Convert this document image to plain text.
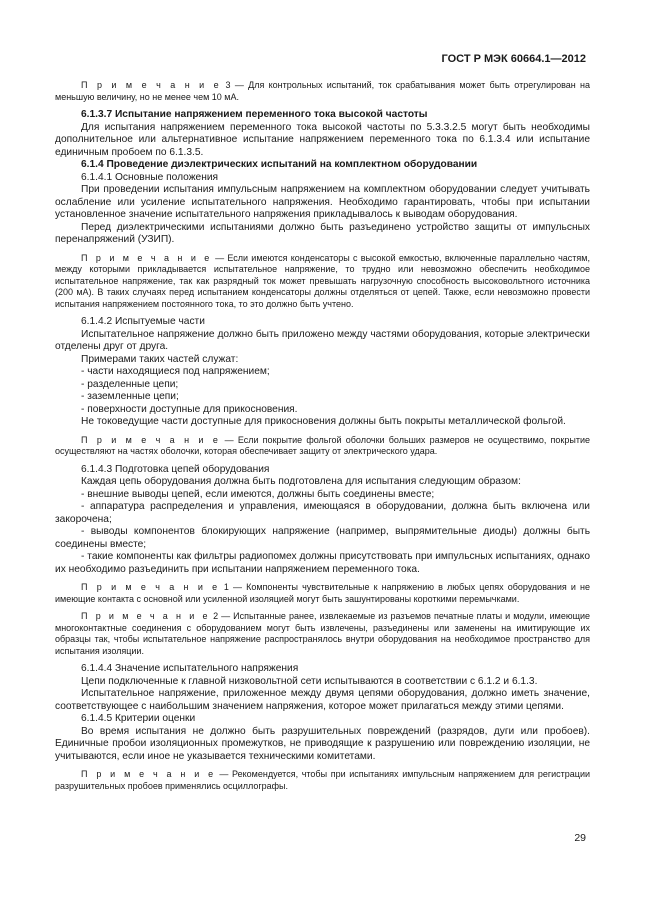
ГОСТ Р МЭК 60664.1—2012

П р и м е ч а н и е 3 — Для контрольных испытаний, ток срабатывания может быть отрегулирован на меньшую величину, но не менее чем 10 мА.

6.1.3.7 Испытание напряжением переменного тока высокой частоты

Для испытания напряжением переменного тока высокой частоты по 5.3.3.2.5 могут быть необходимы дополнительное или альтернативное испытание напряжением переменного тока по 6.1.3.4 или испытание единичным пробоем по 6.1.3.5.

6.1.4 Проведение диэлектрических испытаний на комплектном оборудовании

6.1.4.1 Основные положения

При проведении испытания импульсным напряжением на комплектном оборудовании следует учитывать ослабление или усиление испытательного напряжения. Необходимо гарантировать, чтобы при испытании установленное значение испытательного напряжения прикладывалось к выводам оборудования.

Перед диэлектрическими испытаниями должно быть разъединено устройство защиты от импульсных перенапряжений (УЗИП).

П р и м е ч а н и е — Если имеются конденсаторы с высокой емкостью, включенные параллельно частям, между которыми прикладывается испытательное напряжение, то трудно или невозможно обеспечить необходимое испытательное напряжение, так как разрядный ток может превышать нагрузочную способность высоковольтного источника (200 мА). В таких случаях перед испытанием конденсаторы должны отделяться от цепей. Также, если невозможно провести испытания напряжением постоянного тока, то это должно быть учтено.

6.1.4.2 Испытуемые части

Испытательное напряжение должно быть приложено между частями оборудования, которые электрически отделены друг от друга.

Примерами таких частей служат:

- части находящиеся под напряжением;

- разделенные цепи;

- заземленные цепи;

- поверхности доступные для прикосновения.

Не токоведущие части доступные для прикосновения должны быть покрыты металлической фольгой.

П р и м е ч а н и е — Если покрытие фольгой оболочки больших размеров не осуществимо, покрытие осуществляют на частях оболочки, которая обеспечивает защиту от электрического удара.

6.1.4.3 Подготовка цепей оборудования

Каждая цепь оборудования должна быть подготовлена для испытания следующим образом:

- внешние выводы цепей, если имеются, должны быть соединены вместе;

- аппаратура распределения и управления, имеющаяся в оборудовании, должна быть включена или закорочена;

- выводы компонентов блокирующих напряжение (например, выпрямительные диоды) должны быть соединены вместе;

- такие компоненты как фильтры радиопомех должны присутствовать при импульсных испытаниях, однако их необходимо разъединить при испытании напряжением переменного тока.

П р и м е ч а н и е 1 — Компоненты чувствительные к напряжению в любых цепях оборудования и не имеющие контакта с основной или усиленной изоляцией могут быть зашунтированы короткими перемычками.

П р и м е ч а н и е 2 — Испытанные ранее, извлекаемые из разъемов печатные платы и модули, имеющие многоконтактные соединения с оборудованием могут быть извлечены, разъединены или заменены на имитирующие их образцы так, чтобы испытательное напряжение распространялось внутри оборудования на необходимое пространство для испытания изоляции.

6.1.4.4 Значение испытательного напряжения

Цепи подключенные к главной низковольтной сети испытываются в соответствии с 6.1.2 и 6.1.3.

Испытательное напряжение, приложенное между двумя цепями оборудования, должно иметь значение, соответствующее с наибольшим значением напряжения, которое может прилагаться между этими цепями.

6.1.4.5 Критерии оценки

Во время испытания не должно быть разрушительных повреждений (разрядов, дуги или пробоев). Единичные пробои изоляционных промежутков, не приводящие к разрушению или повреждению изоляции, не учитываются, если иное не указывается техническими комитетами.

П р и м е ч а н и е — Рекомендуется, чтобы при испытаниях импульсным напряжением для регистрации разрушительных пробоев применялись осциллографы.

29
